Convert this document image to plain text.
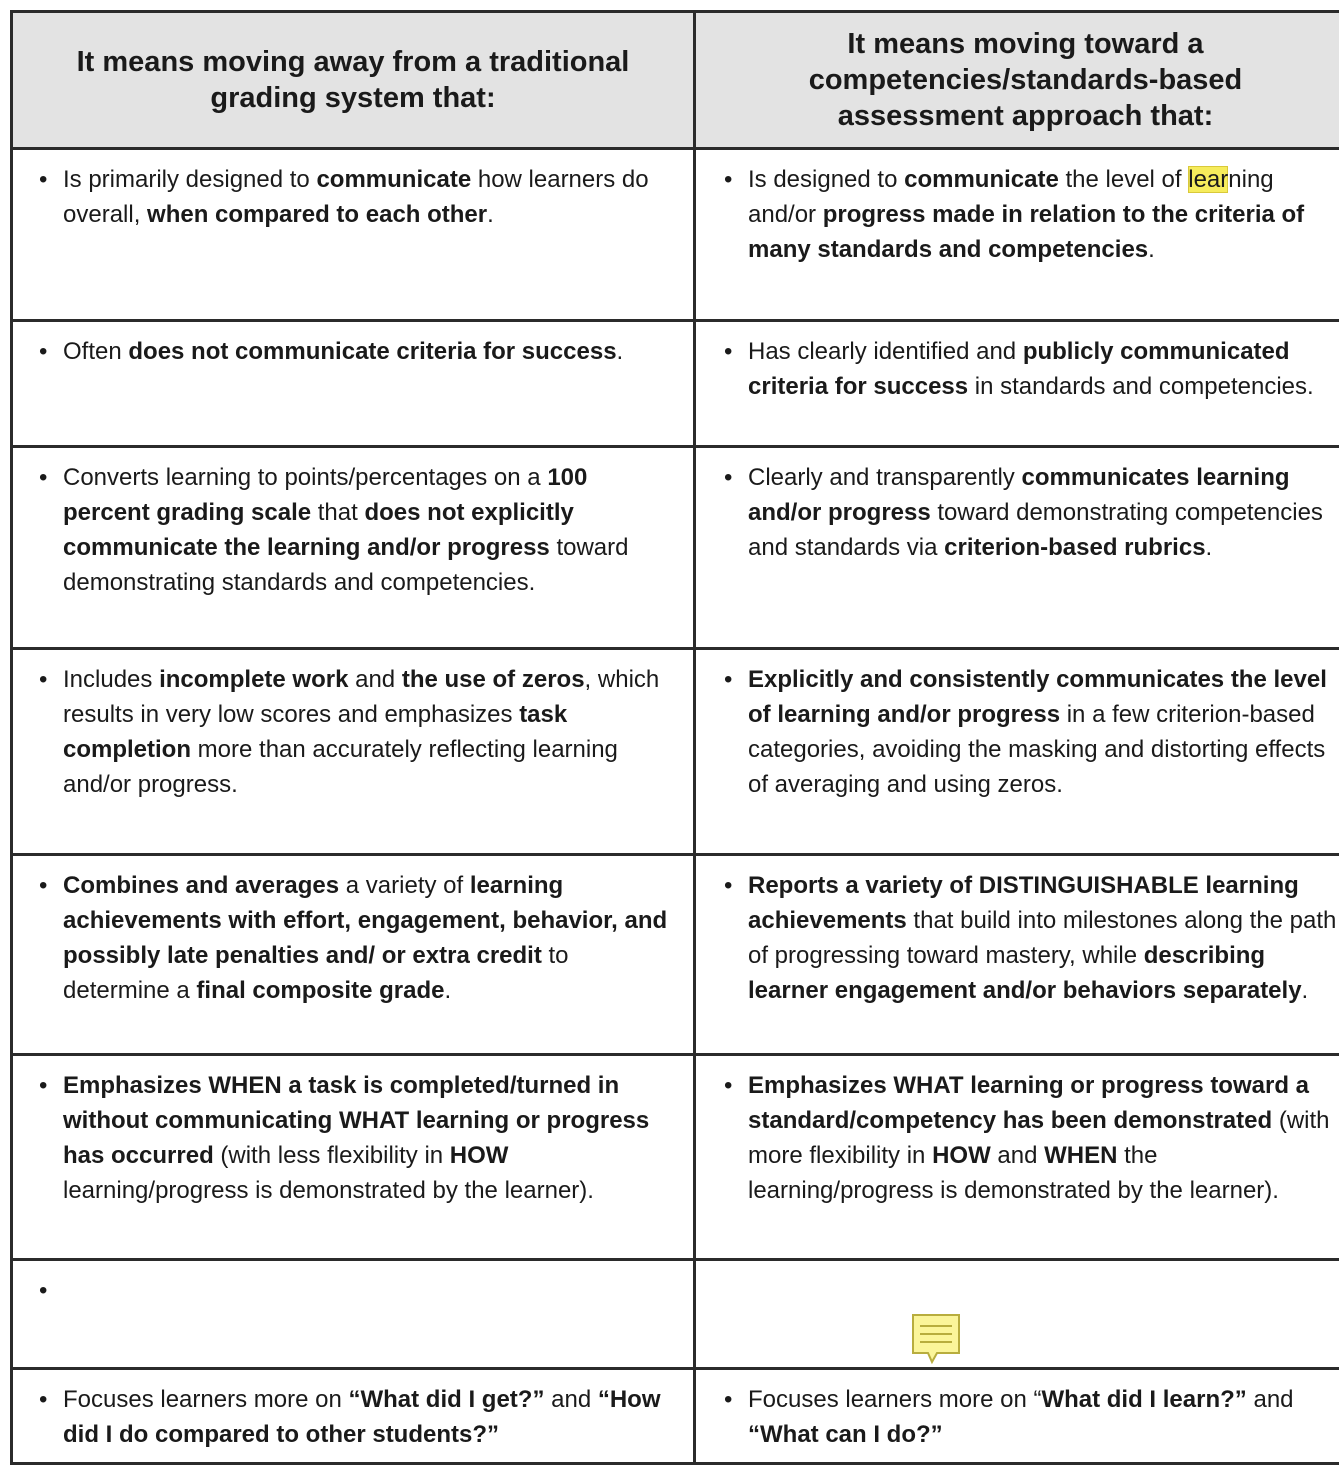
It means moving away from a traditional grading system that:	It means moving toward a competencies/standards-based assessment approach that:

• Is primarily designed to communicate how learners do overall, when compared to each other.	• Is designed to communicate the level of learning and/or progress made in relation to the criteria of many standards and competencies.

• Often does not communicate criteria for success.	• Has clearly identified and publicly communicated criteria for success in standards and competencies.

• Converts learning to points/percentages on a 100 percent grading scale that does not explicitly communicate the learning and/or progress toward demonstrating standards and competencies.	• Clearly and transparently communicates learning and/or progress toward demonstrating competencies and standards via criterion-based rubrics.

• Includes incomplete work and the use of zeros, which results in very low scores and emphasizes task completion more than accurately reflecting learning and/or progress.	• Explicitly and consistently communicates the level of learning and/or progress in a few criterion-based categories, avoiding the masking and distorting effects of averaging and using zeros.

• Combines and averages a variety of learning achievements with effort, engagement, behavior, and possibly late penalties and/ or extra credit to determine a final composite grade.	• Reports a variety of DISTINGUISHABLE learning achievements that build into milestones along the path of progressing toward mastery, while describing learner engagement and/or behaviors separately.

• Emphasizes WHEN a task is completed/turned in without communicating WHAT learning or progress has occurred (with less flexibility in HOW learning/progress is demonstrated by the learner).	• Emphasizes WHAT learning or progress toward a standard/competency has been demonstrated (with more flexibility in HOW and WHEN the learning/progress is demonstrated by the learner).

•	

• Focuses learners more on “What did I get?” and “How did I do compared to other students?”	• Focuses learners more on “What did I learn?” and “What can I do?”
